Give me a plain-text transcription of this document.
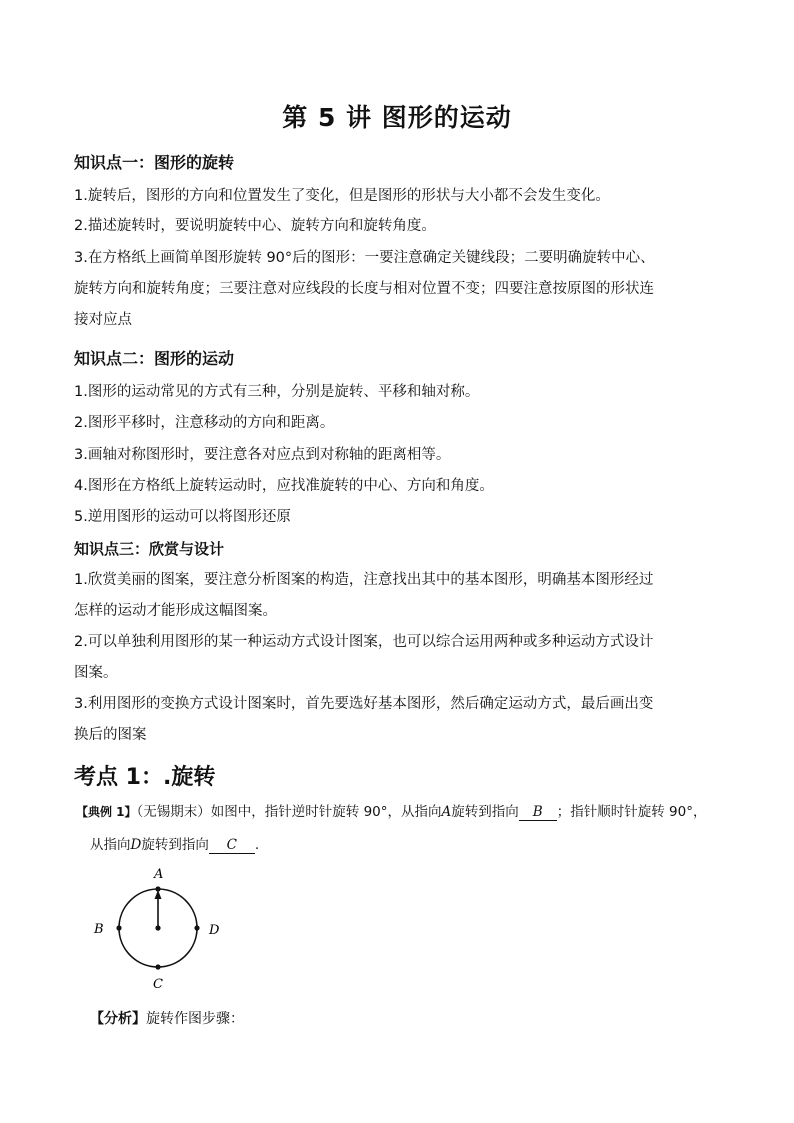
第 5 讲 图形的运动
知识点一：图形的旋转
1.旋转后，图形的方向和位置发生了变化，但是图形的形状与大小都不会发生变化。
2.描述旋转时，要说明旋转中心、旋转方向和旋转角度。
3.在方格纸上画简单图形旋转 90°后的图形：一要注意确定关键线段；二要明确旋转中心、
旋转方向和旋转角度；三要注意对应线段的长度与相对位置不变；四要注意按原图的形状连
接对应点
知识点二：图形的运动
1.图形的运动常见的方式有三种，分别是旋转、平移和轴对称。
2.图形平移时，注意移动的方向和距离。
3.画轴对称图形时，要注意各对应点到对称轴的距离相等。
4.图形在方格纸上旋转运动时，应找准旋转的中心、方向和角度。
5.逆用图形的运动可以将图形还原
知识点三：欣赏与设计
1.欣赏美丽的图案，要注意分析图案的构造，注意找出其中的基本图形，明确基本图形经过
怎样的运动才能形成这幅图案。
2.可以单独利用图形的某一种运动方式设计图案，也可以综合运用两种或多种运动方式设计
图案。
3.利用图形的变换方式设计图案时，首先要选好基本图形，然后确定运动方式，最后画出变
换后的图案
考点 1：.旋转
【典例 1】（无锡期末）如图中，指针逆时针旋转 90°，从指向A旋转到指向 B ；指针顺时针旋转 90°，
从指向D旋转到指向 C .
A
B	D
C
【分析】旋转作图步骤：
